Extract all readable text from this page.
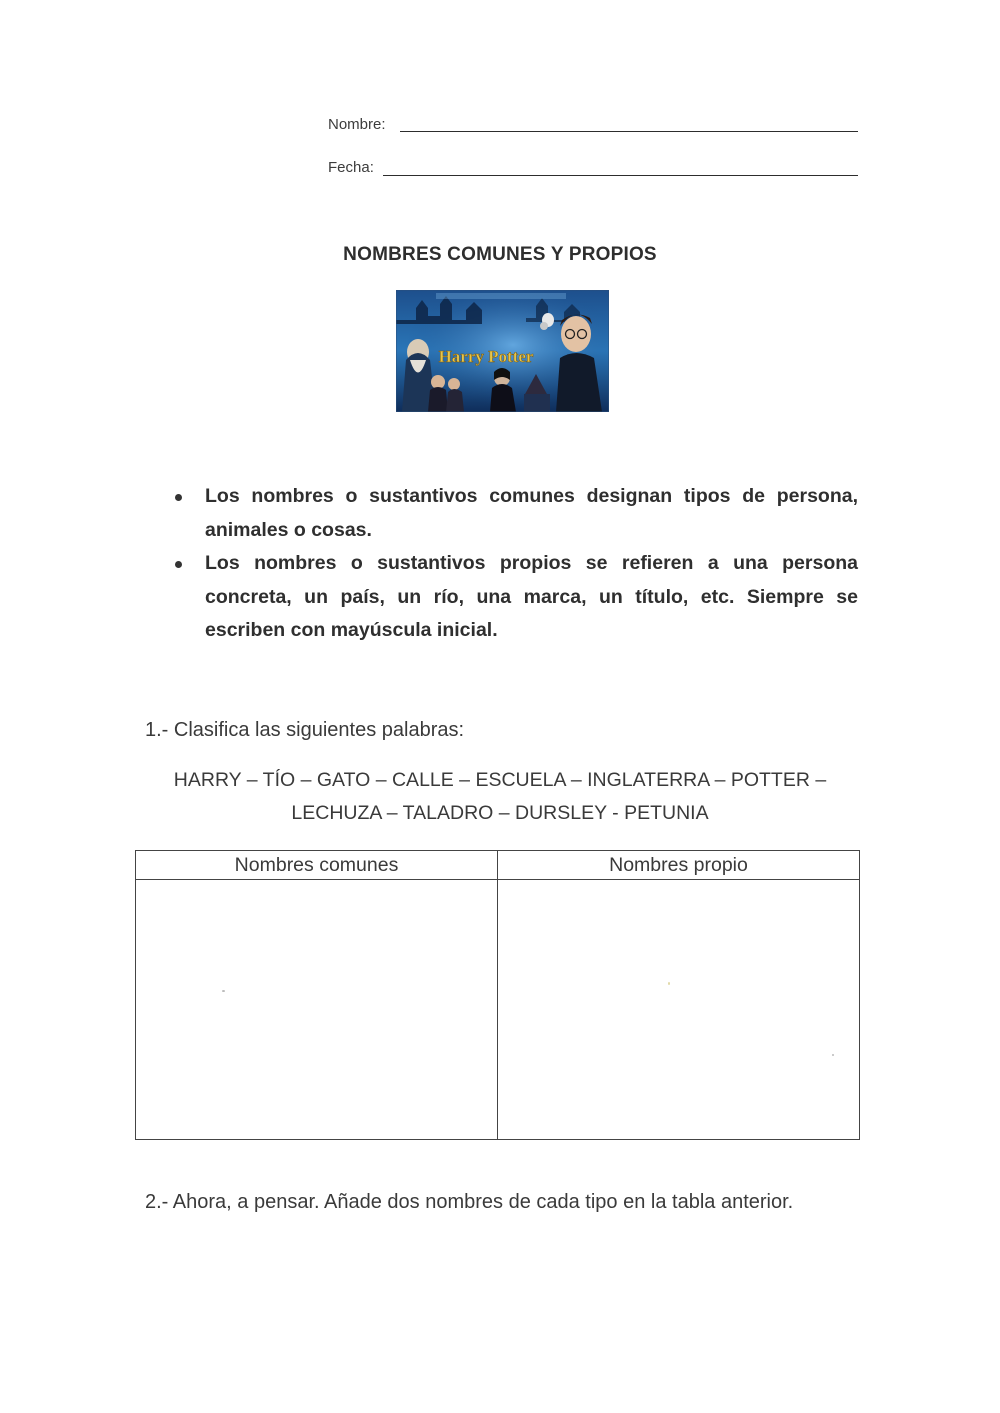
Nombre:
Fecha:
NOMBRES COMUNES Y PROPIOS
Harry Potter
Los nombres o sustantivos comunes designan tipos de persona, animales o cosas.
Los nombres o sustantivos propios se refieren a una persona concreta, un país, un río, una marca, un título, etc. Siempre se escriben con mayúscula inicial.
1.- Clasifica las siguientes palabras:
HARRY – TÍO – GATO – CALLE – ESCUELA – INGLATERRA – POTTER –
LECHUZA – TALADRO – DURSLEY - PETUNIA
Nombres comunes	Nombres propio

2.- Ahora, a pensar. Añade dos nombres de cada tipo en la tabla anterior.
